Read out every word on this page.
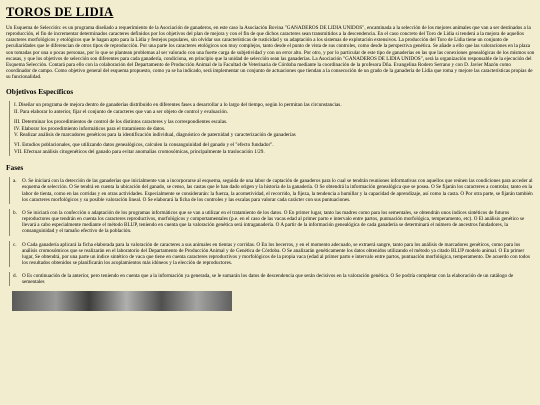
TOROS DE LIDIA

Un Esquema de Selección: es un programa diseñado a requerimiento de la Asociación de ganaderos, en este caso la Asociación Bovina "GANADEROS DE LIDIA UNIDOS", encaminada a la selección de los mejores animales que van a ser destinados a la reproducción, el fin de incrementar determinados caracteres definidos por los objetivos del plan de mejora y con el fin de que dichos caracteres sean transmitidos a la descendencia. En el caso concreto del Toro de Lidia si tenderá a la mejora de aquellos caracteres morfológicos y etológicos que le hagan apto para la Lidia y festejos populares, sin olvidar sus características de rusticidad y su adaptación a los sistemas de explotación extensivos. La producción del Toro de Lidia tiene un conjunto de peculiaridades que le diferencian de otros tipos de reproducción. Por una parte los caracteres etológicos son muy complejos, tanto desde el punto de vista de sus controles, como desde la perspectiva genética. Se añade a ello que las valoraciones en la plaza son tomadas por una o pocas personas, por lo que se plantean problemas al ser valorado con una fuerte carga de subjetividad y con un error alto. Por otro, y por lo particular de este tipo de ganaderías en las que las conexiones genealógicas de los mismos son escasas, y que los objetivos de selección son diferentes para cada ganadería, condiciona, en principio que la unidad de selección sean las ganaderías. La Asociación "GANADEROS DE LIDIA UNIDOS", será la organización responsable de la ejecución del Esquema Selección. Contará para ello con la colaboración del Departamento de Producción Animal de la Facultad de Veterinaria de Córdoba mediante la coordinación de la profesora Dña. Evangelina Rodero Serrano y con D. Javier Mazón como coordinador de campo. Como objetivo general del esquema propuesto, como ya se ha indicado, será implementar un conjunto de actuaciones que tiendan a la consecución de un grado de la ganadería de Lidia que roma y mejore las características propias de su funcionalidad.

Objetivos Específicos
I. Diseñar un programa de mejora dentro de ganaderías distribuido en diferentes fases a desarrollar a lo largo del tiempo, según lo permitan las circunstancias.
II. Para elaborar lo anterior, fijar el conjunto de caracteres que van a ser objeto de control y evaluación.
III. Determinar los procedimientos de control de los distintos caracteres y las correspondientes escalas.
IV. Elaborar los procedimiento informáticos para el tratamiento de datos.
V. Realizar análisis de marcadores genéticos para la identificación individual, diagnóstico de paternidad y caracterización de ganaderías
VI. Estudios poblacionales, que utilizando datos genealógicos, calculen la consanguinidad del ganado y el "efecto fundador".
VII. Efectuar análisis citogenéticos del ganado para evitar anomalías cromosómicas, principalmente la traslocación 1/29.
Fases
a.	O. Se iniciará con la detección de las ganaderías que inicialmente van a incorporarse al esquema, seguida de una labor de captación de ganaderos para lo cual se tendrán reuniones informativas con aquellos que reúnen las condiciones para acceder al esquema de selección. O Se tendrá en cuenta la ubicación del ganado, se censo, las castas que le han dado origen y la historia de la ganadería. O Se obtendrá la información genealógica que se posea. O Se fijarán los caracteres a controlar, tanto en la labor de tienta, como en las corridas y en otras actividades. Especialmente se considerarán: la fuerza, la acometividad, el recorrido, la fijeza, la tendencia a humillar y la capacidad de aprendizaje, así como la casta. O Por otra parte, se fijarán también los caracteres morfológicos y su posible valoración lineal. O Se elaborará la ficha de los controles y las escalas para valorar cada carácter con sus puntuaciones.
b. O Se iniciará con la confección o adaptación de los programas informáticos que se van a utilizar en el tratamiento de los datos. O En primer lugar, tanto las madres como para los sementales, se obtendrán unos índices sintéticos de futuros reproductores que tendrán en cuenta los caracteres reproductivos, morfológicos y comportamentales (p.e. en el caso de las vacas edad al primer parto e intervalo entre partos, puntuación morfológica, temperamento, etc). O El análisis genético se llevará a cabo especialmente mediante el método BLUP, teniendo en cuenta que la valoración genética será intraganadería. O A partir de la información genealógica de cada ganadería se determinará el número de ancestros fundadores, la consanguinidad y el tamaño efectivo de la población.
c.	O Cada ganadería aplicará la ficha elaborada para la valoración de caracteres a sus animales en tientas y corridas. O En los becerros, y en el momento adecuado, se extraerá sangre, tanto para los análisis de marcadores genéticos, como para los análisis cromosómicos que se realizarán en el laboratorio del Departamento de Producción Animal y de Genética de Córdoba. O Se analizarán genéticamente los datos obtenidos utilizando el método ya citado BLUP modelo animal. O En primer lugar, Se obtendrá, por una parte un índice sintético de vaca que tiene en cuenta caracteres reproductivos y morfológicos de la propia vaca (edad al primer parto e intervalo entre partos, puntuación morfológica, temperamento. De acuerdo con todos los resultados obtenidos se planificarán los acoplamientos más idóneos y la elección de reproductores.
d. O Es continuación de la anterior, pero teniendo en cuenta que a la información ya generada, se le sumarán los datos de descendencia que serán decisivos en la valoración genética. O Se podría completar con la elaboración de un catálogo de sementales
